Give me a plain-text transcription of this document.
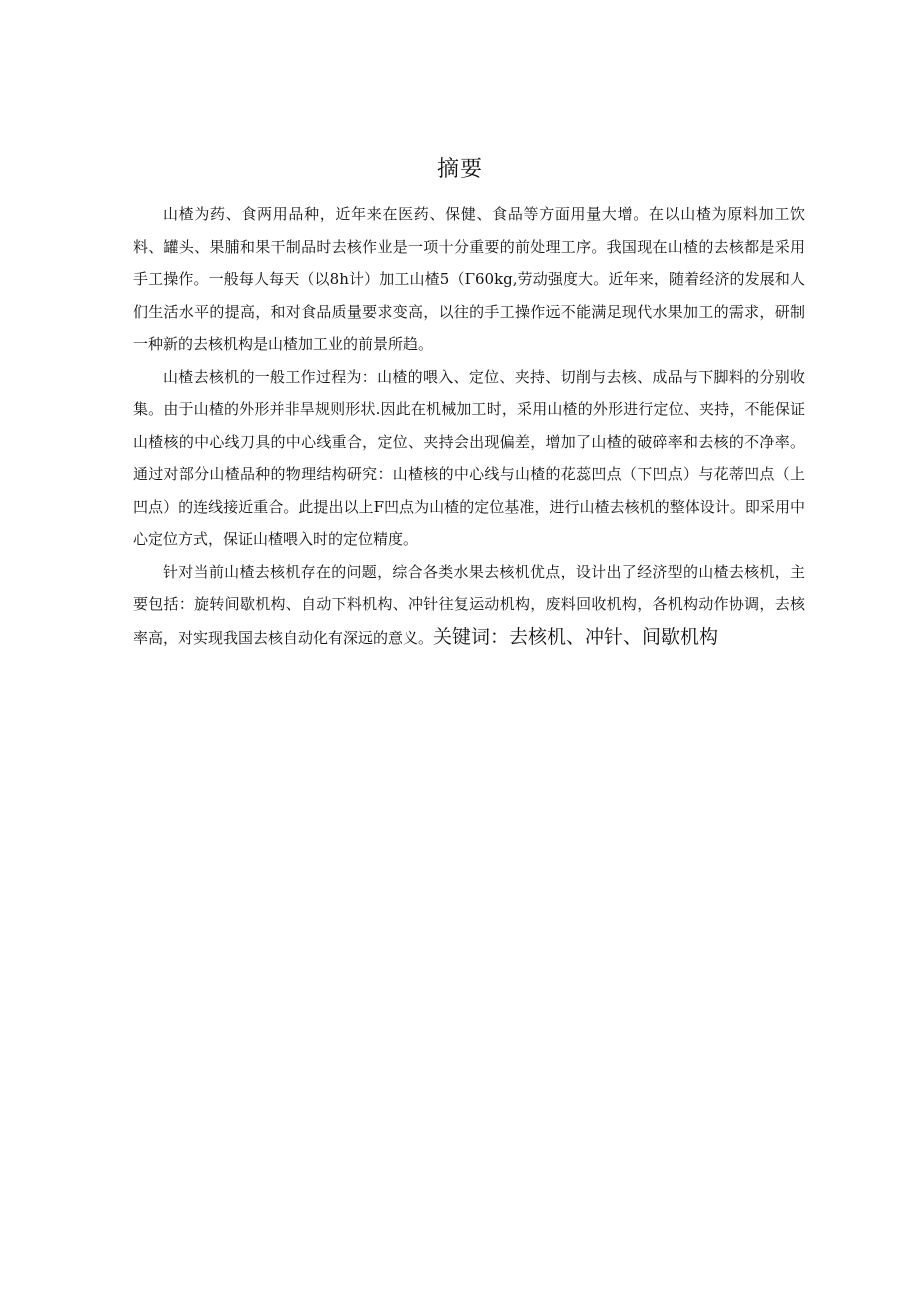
摘要

山楂为药、食两用品种，近年来在医药、保健、食品等方面用量大增。在以山楂为原料加工饮料、罐头、果脯和果干制品时去核作业是一项十分重要的前处理工序。我国现在山楂的去核都是采用手工操作。一般每人每天（以8h计）加工山楂5（Γ60kg,劳动强度大。近年来，随着经济的发展和人们生活水平的提高，和对食品质量要求变高，以往的手工操作远不能满足现代水果加工的需求，研制一种新的去核机构是山楂加工业的前景所趋。

山楂去核机的一般工作过程为：山楂的喂入、定位、夹持、切削与去核、成品与下脚料的分别收集。由于山楂的外形并非旱规则形状.因此在机械加工时，采用山楂的外形进行定位、夹持，不能保证山楂核的中心线刀具的中心线重合，定位、夹持会出现偏差，增加了山楂的破碎率和去核的不净率。通过对部分山楂品种的物理结构研究：山楂核的中心线与山楂的花蕊凹点（下凹点）与花蒂凹点（上凹点）的连线接近重合。此提出以上F凹点为山楂的定位基准，进行山楂去核机的整体设计。即采用中心定位方式，保证山楂喂入时的定位精度。

针对当前山楂去核机存在的问题，综合各类水果去核机优点，设计出了经济型的山楂去核机，主要包括：旋转间歇机构、自动下料机构、冲针往复运动机构，废料回收机构，各机构动作协调，去核率高，对实现我国去核自动化有深远的意义。关键词：去核机、冲针、间歇机构
